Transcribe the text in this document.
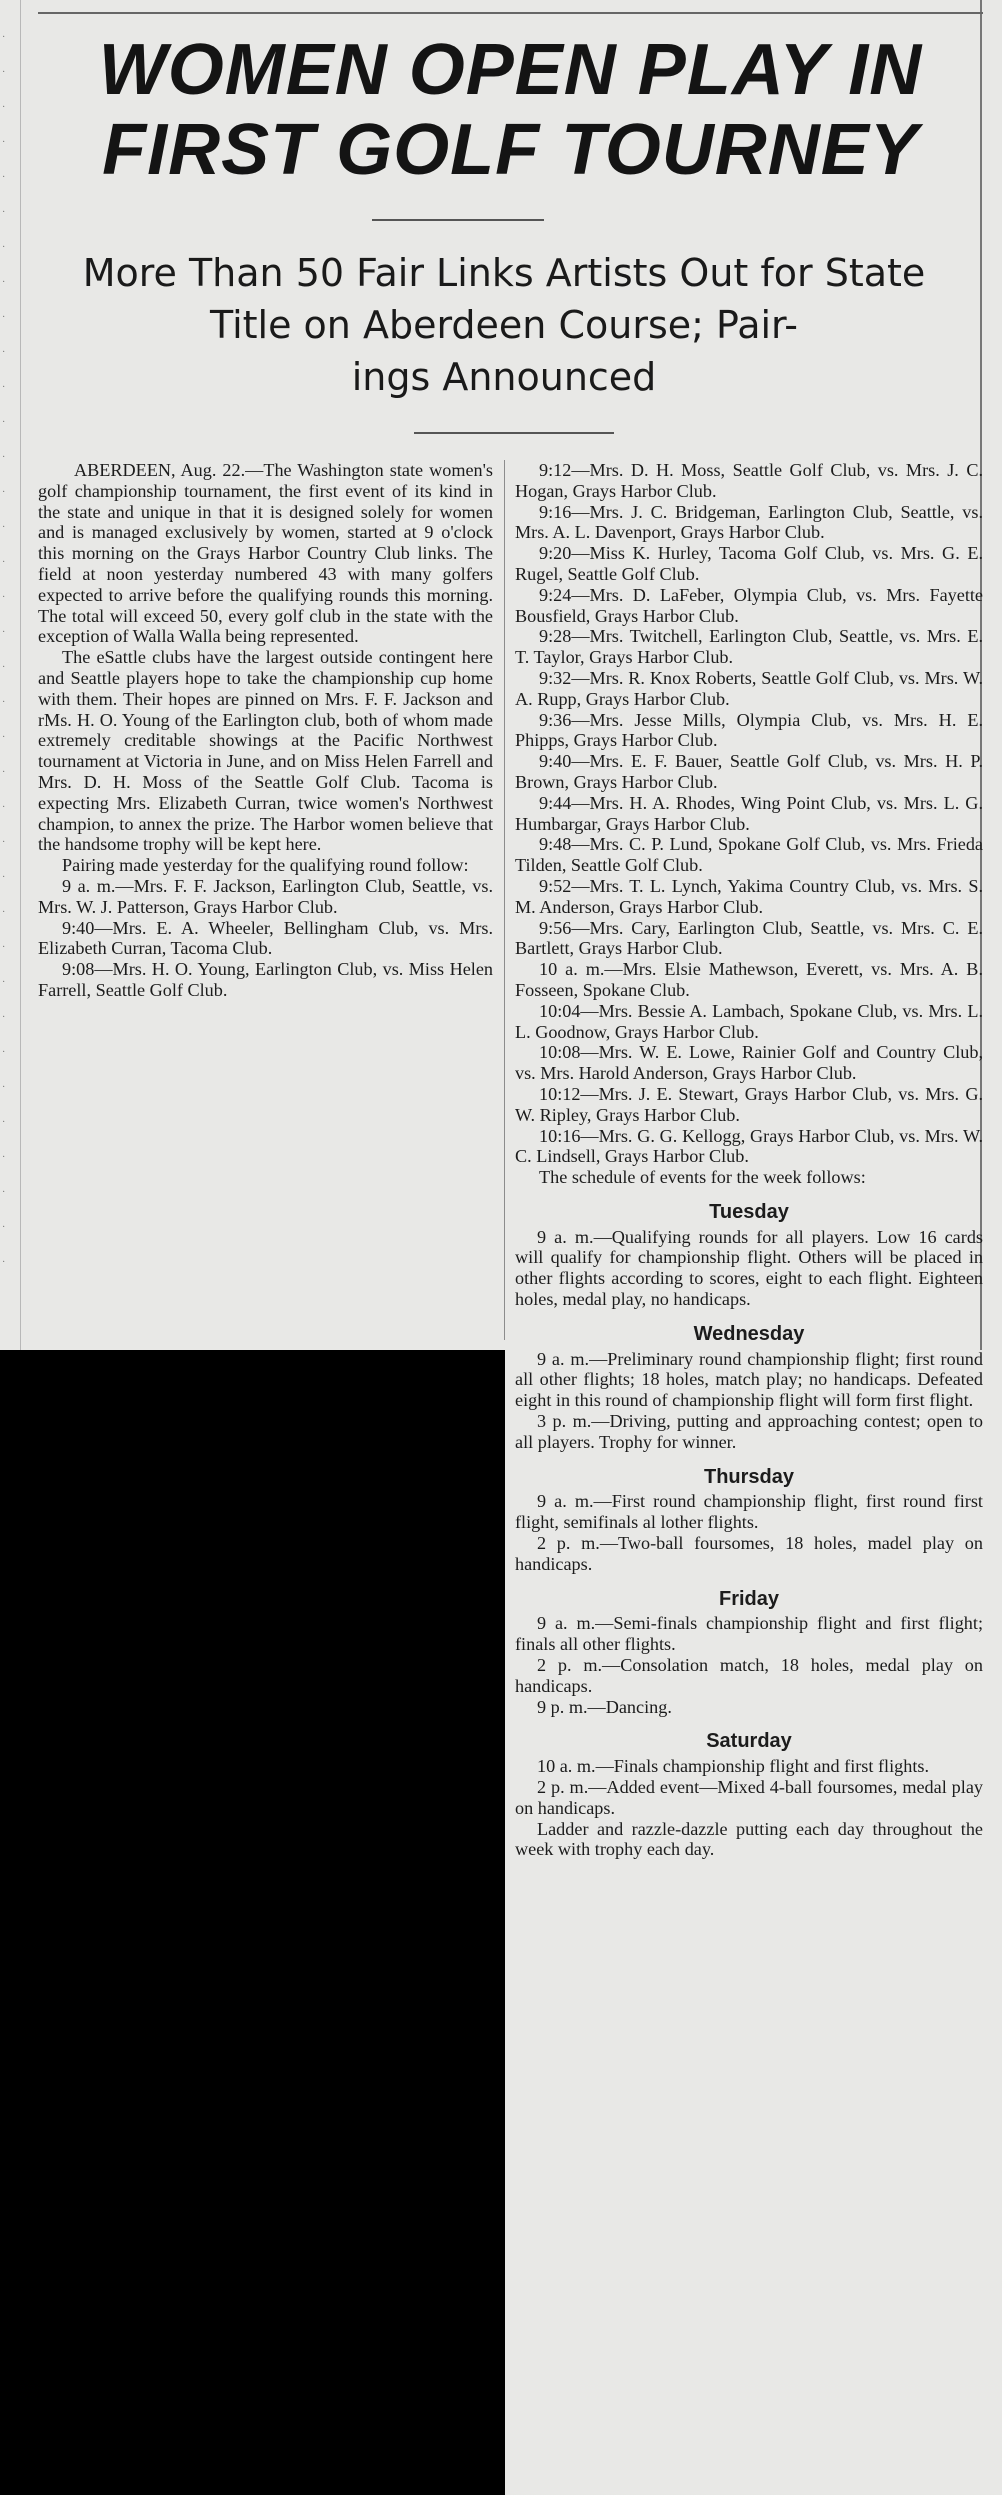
·
·
·
·
·
·
·
·
·
·
·
·
·
·
·
·
·
·
·
·
·
·
·
·
·
·
·
·
·
·
·
·
·
·
·
·
WOMEN OPEN PLAY IN
FIRST GOLF TOURNEY
More Than 50 Fair Links Artists Out for State
Title on Aberdeen Course; Pair-
ings Announced

ABERDEEN, Aug. 22.—The Washington state women's golf championship tournament, the first event of its kind in the state and unique in that it is designed solely for women and is managed exclusively by women, started at 9 o'clock this morning on the Grays Harbor Country Club links. The field at noon yesterday numbered 43 with many golfers expected to arrive before the qualifying rounds this morning. The total will exceed 50, every golf club in the state with the exception of Walla Walla being represented.

The eSattle clubs have the largest outside contingent here and Seattle players hope to take the championship cup home with them. Their hopes are pinned on Mrs. F. F. Jackson and rMs. H. O. Young of the Earlington club, both of whom made extremely creditable showings at the Pacific Northwest tournament at Victoria in June, and on Miss Helen Farrell and Mrs. D. H. Moss of the Seattle Golf Club. Tacoma is expecting Mrs. Elizabeth Curran, twice women's Northwest champion, to annex the prize. The Harbor women believe that the handsome trophy will be kept here.

Pairing made yesterday for the qualifying round follow:

9 a. m.—Mrs. F. F. Jackson, Earlington Club, Seattle, vs. Mrs. W. J. Patterson, Grays Harbor Club.

9:40—Mrs. E. A. Wheeler, Bellingham Club, vs. Mrs. Elizabeth Curran, Tacoma Club.

9:08—Mrs. H. O. Young, Earlington Club, vs. Miss Helen Farrell, Seattle Golf Club.

9:12—Mrs. D. H. Moss, Seattle Golf Club, vs. Mrs. J. C. Hogan, Grays Harbor Club.

9:16—Mrs. J. C. Bridgeman, Earlington Club, Seattle, vs. Mrs. A. L. Davenport, Grays Harbor Club.

9:20—Miss K. Hurley, Tacoma Golf Club, vs. Mrs. G. E. Rugel, Seattle Golf Club.

9:24—Mrs. D. LaFeber, Olympia Club, vs. Mrs. Fayette Bousfield, Grays Harbor Club.

9:28—Mrs. Twitchell, Earlington Club, Seattle, vs. Mrs. E. T. Taylor, Grays Harbor Club.

9:32—Mrs. R. Knox Roberts, Seattle Golf Club, vs. Mrs. W. A. Rupp, Grays Harbor Club.

9:36—Mrs. Jesse Mills, Olympia Club, vs. Mrs. H. E. Phipps, Grays Harbor Club.

9:40—Mrs. E. F. Bauer, Seattle Golf Club, vs. Mrs. H. P. Brown, Grays Harbor Club.

9:44—Mrs. H. A. Rhodes, Wing Point Club, vs. Mrs. L. G. Humbargar, Grays Harbor Club.

9:48—Mrs. C. P. Lund, Spokane Golf Club, vs. Mrs. Frieda Tilden, Seattle Golf Club.

9:52—Mrs. T. L. Lynch, Yakima Country Club, vs. Mrs. S. M. Anderson, Grays Harbor Club.

9:56—Mrs. Cary, Earlington Club, Seattle, vs. Mrs. C. E. Bartlett, Grays Harbor Club.

10 a. m.—Mrs. Elsie Mathewson, Everett, vs. Mrs. A. B. Fosseen, Spokane Club.

10:04—Mrs. Bessie A. Lambach, Spokane Club, vs. Mrs. L. L. Goodnow, Grays Harbor Club.

10:08—Mrs. W. E. Lowe, Rainier Golf and Country Club, vs. Mrs. Harold Anderson, Grays Harbor Club.

10:12—Mrs. J. E. Stewart, Grays Harbor Club, vs. Mrs. G. W. Ripley, Grays Harbor Club.

10:16—Mrs. G. G. Kellogg, Grays Harbor Club, vs. Mrs. W. C. Lindsell, Grays Harbor Club.

The schedule of events for the week follows:

Tuesday

9 a. m.—Qualifying rounds for all players. Low 16 cards will qualify for championship flight. Others will be placed in other flights according to scores, eight to each flight. Eighteen holes, medal play, no handicaps.

Wednesday

9 a. m.—Preliminary round championship flight; first round all other flights; 18 holes, match play; no handicaps. Defeated eight in this round of championship flight will form first flight.

3 p. m.—Driving, putting and approaching contest; open to all players. Trophy for winner.

Thursday

9 a. m.—First round championship flight, first round first flight, semifinals al lother flights.

2 p. m.—Two-ball foursomes, 18 holes, madel play on handicaps.

Friday

9 a. m.—Semi-finals championship flight and first flight; finals all other flights.

2 p. m.—Consolation match, 18 holes, medal play on handicaps.

9 p. m.—Dancing.

Saturday

10 a. m.—Finals championship flight and first flights.

2 p. m.—Added event—Mixed 4-ball foursomes, medal play on handicaps.

Ladder and razzle-dazzle putting each day throughout the week with trophy each day.
